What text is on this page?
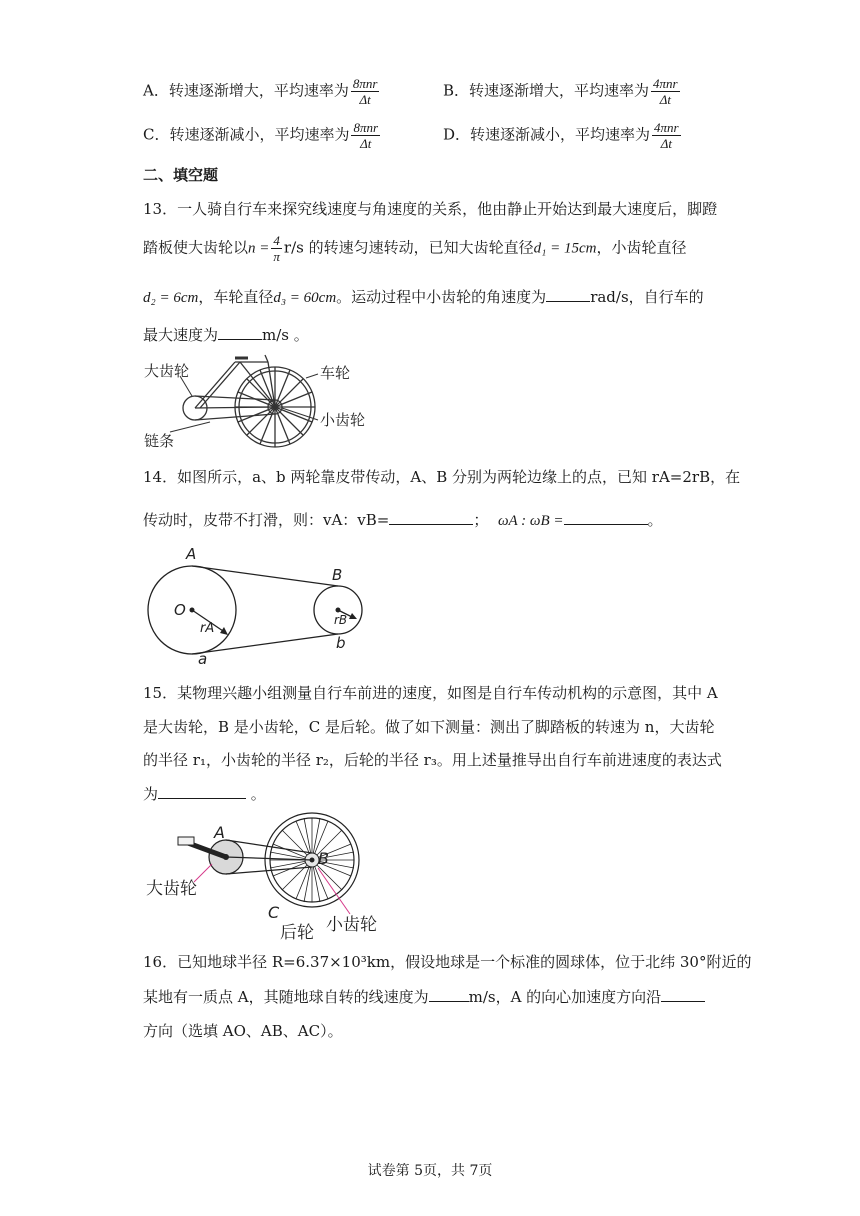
A．转速逐渐增大，平均速率为 $\frac{\text{8πnr}}{\Delta t}$	B．转速逐渐增大，平均速率为 $\frac{\text{4πnr}}{\Delta t}$
C．转速逐渐减小，平均速率为 $\frac{\text{8πnr}}{\Delta t}$	D．转速逐渐减小，平均速率为 $\frac{\text{4πnr}}{\Delta t}$
二、填空题
13．一人骑自行车来探究线速度与角速度的关系，他由静止开始达到最大速度后，脚蹬
踏板使大齿轮以$n = \frac{4}{\pi} r/s$ 的转速匀速转动，已知大齿轮直径d₁ = 15cm，小齿轮直径
d₂ = 6cm，车轮直径d₃ = 60cm。运动过程中小齿轮的角速度为	rad/s，自行车的
最大速度为	m/s 。
大齿轮	车轮
小齿轮
链条
14．如图所示，a、b 两轮靠皮带传动，A、B 分别为两轮边缘上的点，已知 rA=2rB，在
传动时，皮带不打滑，则：vA：vB=	； ωA : ωB =	。
A
B
O
rA
rB
a
b
15．某物理兴趣小组测量自行车前进的速度，如图是自行车传动机构的示意图，其中 A
是大齿轮，B 是小齿轮，C 是后轮。做了如下测量：测出了脚踏板的转速为 n，大齿轮
的半径 r₁，小齿轮的半径 r₂，后轮的半径 r₃。用上述量推导出自行车前进速度的表达式
为	。
A
B
C
大齿轮
后轮 小齿轮
16．已知地球半径 R=6.37×10³km，假设地球是一个标准的圆球体，位于北纬 30°附近的
某地有一质点 A，其随地球自转的线速度为	m/s，A 的向心加速度方向沿
方向（选填 AO、AB、AC）。
试卷第 5页，共 7页
